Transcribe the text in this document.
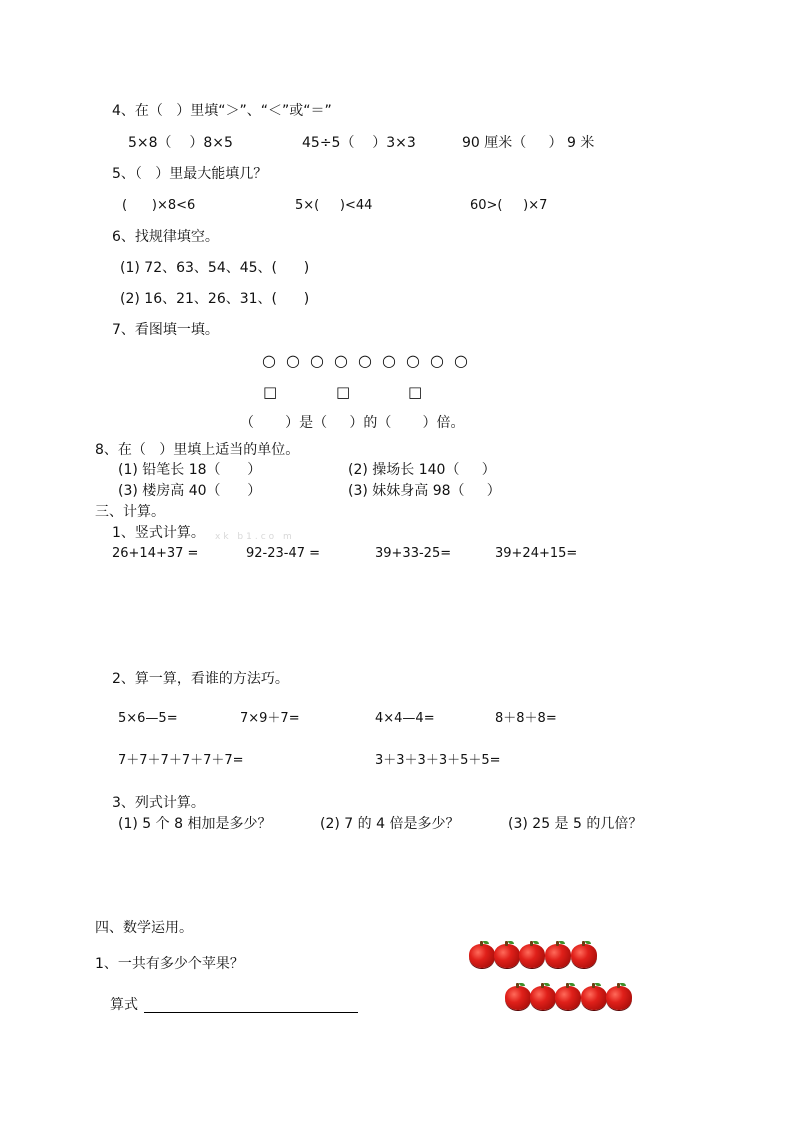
4、在（   ）里填“＞”、“＜”或“＝”
5×8（    ）8×5	45÷5（    ）3×3	90 厘米（     ） 9 米
5、（   ）里最大能填几？
(      )×8<6	5×(     )<44	60>(     )×7
6、找规律填空。
(1) 72、63、54、45、(      )
(2) 16、21、26、31、(      )
7、看图填一填。
○ ○ ○ ○ ○ ○ ○ ○ ○
□	□	□
（       ）是（     ）的（       ）倍。
8、在（   ）里填上适当的单位。
(1) 铅笔长 18（      ）	(2) 操场长 140（     ）
(3) 楼房高 40（      ）	(3) 妹妹身高 98（     ）
三、计算。
1、竖式计算。 xk b1.co m
26+14+37 =	92-23-47 =	39+33-25=	39+24+15=
2、算一算，看谁的方法巧。
5×6—5=	7×9＋7=	4×4—4=	8＋8＋8=
7＋7＋7＋7＋7＋7=	3＋3＋3＋3＋5＋5=
3、列式计算。
(1) 5 个 8 相加是多少？	(2) 7 的 4 倍是多少？	(3) 25 是 5 的几倍？
四、数学运用。
1、一共有多少个苹果？
算式
